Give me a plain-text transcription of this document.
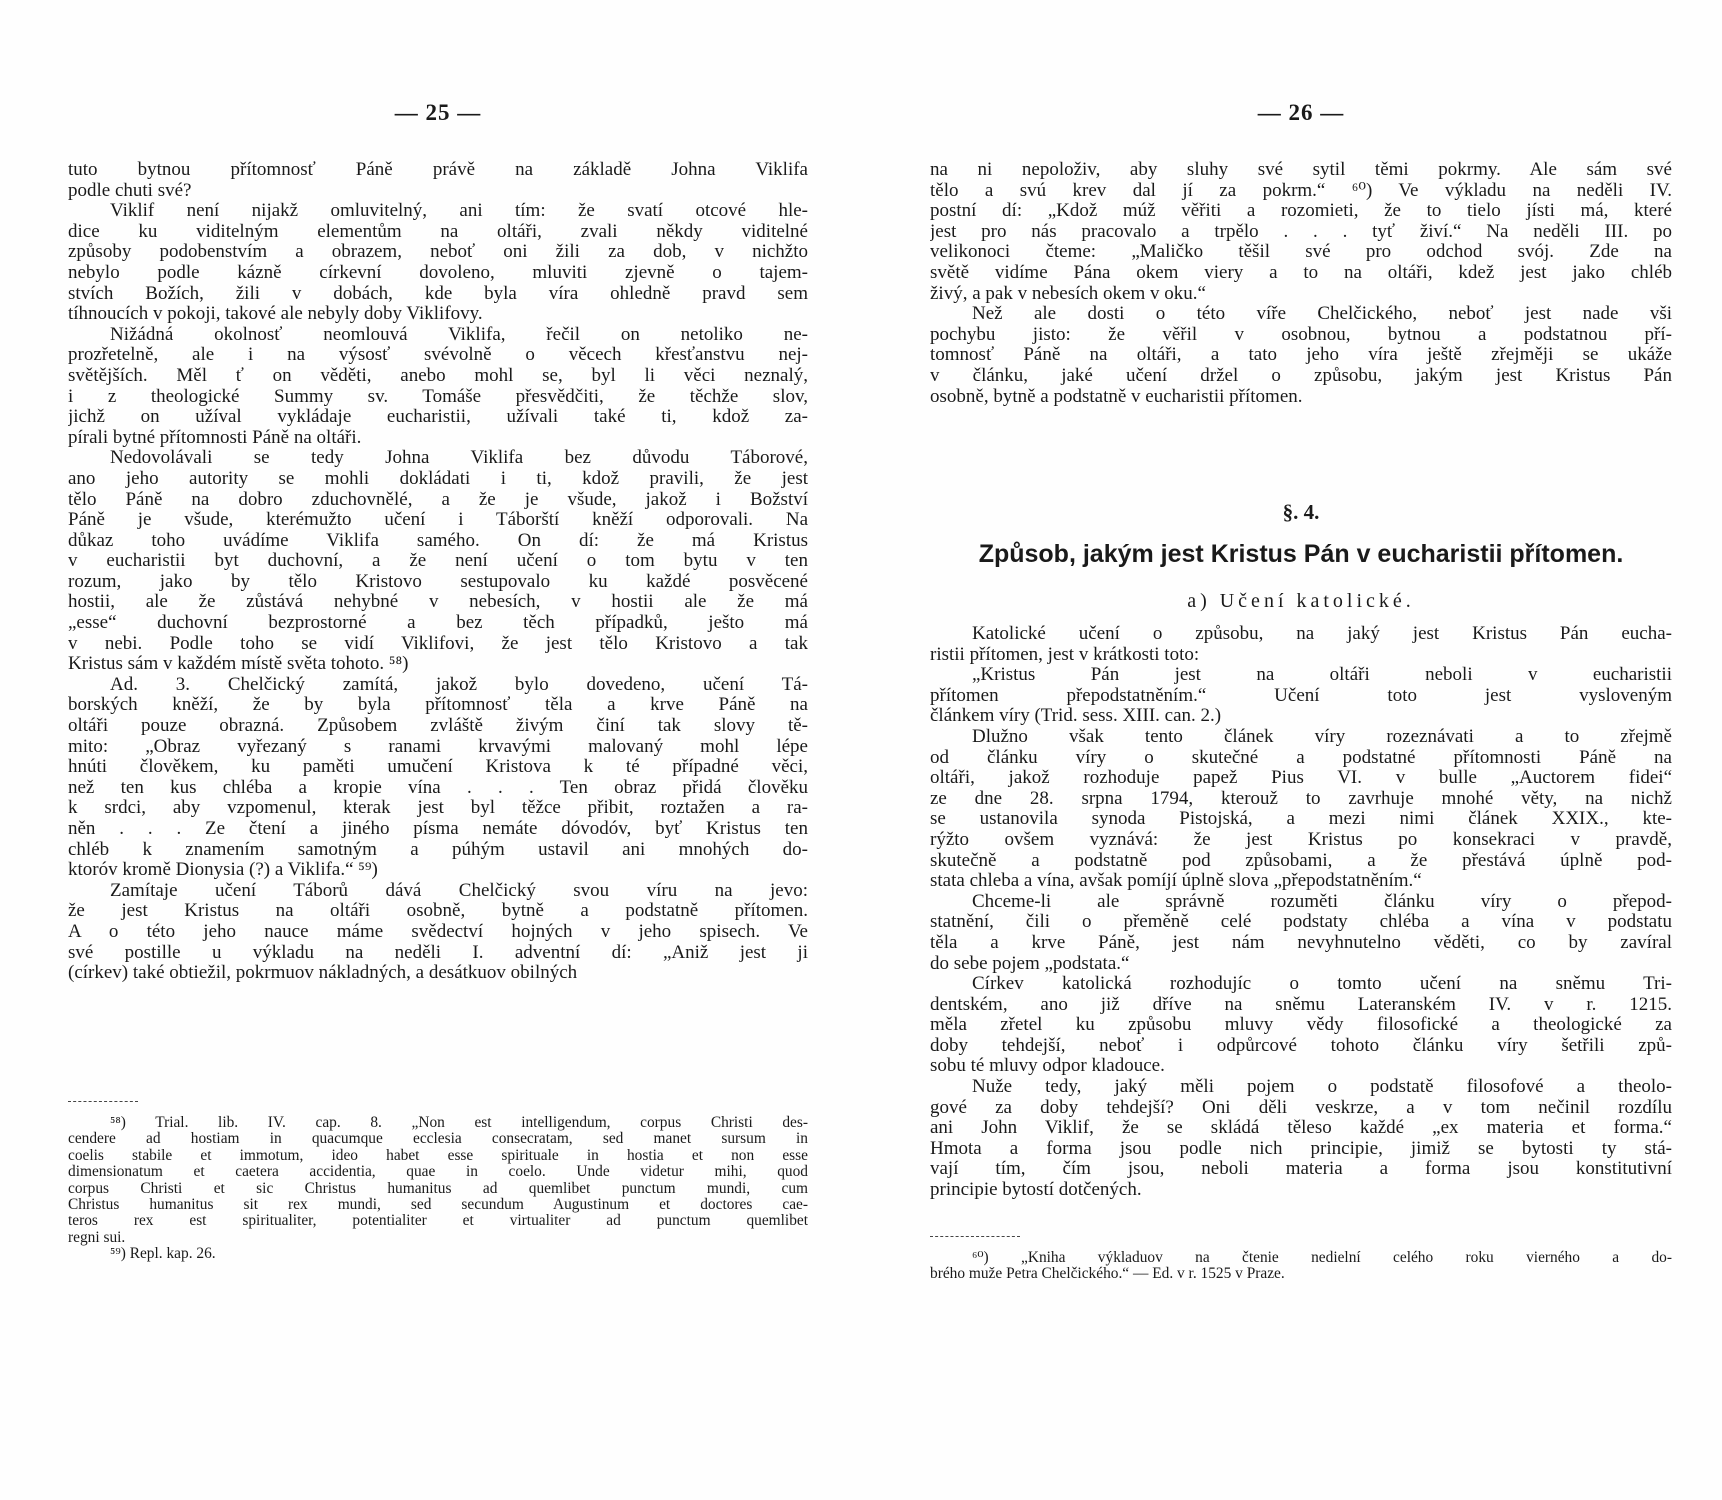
— 25 —
tuto bytnou přítomnosť Páně právě na základě Johna Viklifa
podle chuti své?
Viklif není nijakž omluvitelný, ani tím: že svatí otcové hle-
dice ku viditelným elementům na oltáři, zvali někdy viditelné
způsoby podobenstvím a obrazem, neboť oni žili za dob, v nichžto
nebylo podle kázně církevní dovoleno, mluviti zjevně o tajem-
stvích Božích, žili v dobách, kde byla víra ohledně pravd sem
tíhnoucích v pokoji, takové ale nebyly doby Viklifovy.
Nižádná okolnosť neomlouvá Viklifa, řečil on netoliko ne-
prozřetelně, ale i na výsosť svévolně o věcech křesťanstvu nej-
světějších. Měl ť on věděti, anebo mohl se, byl li věci neznalý,
i z theologické Summy sv. Tomáše přesvědčiti, že těchže slov,
jichž on užíval vykládaje eucharistii, užívali také ti, kdož za-
pírali bytné přítomnosti Páně na oltáři.
Nedovolávali se tedy Johna Viklifa bez důvodu Táborové,
ano jeho autority se mohli dokládati i ti, kdož pravili, že jest
tělo Páně na dobro zduchovnělé, a že je všude, jakož i Božství
Páně je všude, kterémužto učení i Táborští kněží odporovali. Na
důkaz toho uvádíme Viklifa samého. On dí: že má Kristus
v eucharistii byt duchovní, a že není učení o tom bytu v ten
rozum, jako by tělo Kristovo sestupovalo ku každé posvěcené
hostii, ale že zůstává nehybné v nebesích, v hostii ale že má
„esse“ duchovní bezprostorné a bez těch případků, ješto má
v nebi. Podle toho se vidí Viklifovi, že jest tělo Kristovo a tak
Kristus sám v každém místě světa tohoto. ⁵⁸)
Ad. 3. Chelčický zamítá, jakož bylo dovedeno, učení Tá-
borských kněží, že by byla přítomnosť těla a krve Páně na
oltáři pouze obrazná. Způsobem zvláště živým činí tak slovy tě-
mito: „Obraz vyřezaný s ranami krvavými malovaný mohl lépe
hnúti člověkem, ku paměti umučení Kristova k té případné věci,
než ten kus chléba a kropie vína . . . Ten obraz přidá člověku
k srdci, aby vzpomenul, kterak jest byl těžce přibit, roztažen a ra-
něn . . . Ze čtení a jiného písma nemáte dóvodóv, byť Kristus ten
chléb k znamením samotným a púhým ustavil ani mnohých do-
ktoróv kromě Dionysia (?) a Viklifa.“ ⁵⁹)
Zamítaje učení Táborů dává Chelčický svou víru na jevo:
že jest Kristus na oltáři osobně, bytně a podstatně přítomen.
A o této jeho nauce máme svědectví hojných v jeho spisech. Ve
své postille u výkladu na neděli I. adventní dí: „Aniž jest ji
(církev) také obtiežil, pokrmuov nákladných, a desátkuov obilných
⁵⁸) Trial. lib. IV. cap. 8. „Non est intelligendum, corpus Christi des-
cendere ad hostiam in quacumque ecclesia consecratam, sed manet sursum in
coelis stabile et immotum, ideo habet esse spirituale in hostia et non esse
dimensionatum et caetera accidentia, quae in coelo. Unde videtur mihi, quod
corpus Christi et sic Christus humanitus ad quemlibet punctum mundi, cum
Christus humanitus sit rex mundi, sed secundum Augustinum et doctores cae-
teros rex est spiritualiter, potentialiter et virtualiter ad punctum quemlibet
regni sui.
⁵⁹) Repl. kap. 26.
— 26 —
na ni nepoloživ, aby sluhy své sytil těmi pokrmy. Ale sám své
tělo a svú krev dal jí za pokrm.“ ⁶⁰) Ve výkladu na neděli IV.
postní dí: „Kdož múž věřiti a rozomieti, že to tielo jísti má, které
jest pro nás pracovalo a trpělo . . . tyť živí.“ Na neděli III. po
velikonoci čteme: „Maličko těšil své pro odchod svój. Zde na
světě vidíme Pána okem viery a to na oltáři, kdež jest jako chléb
živý, a pak v nebesích okem v oku.“
Než ale dosti o této víře Chelčického, neboť jest nade vši
pochybu jisto: že věřil v osobnou, bytnou a podstatnou pří-
tomnosť Páně na oltáři, a tato jeho víra ještě zřejměji se ukáže
v článku, jaké učení držel o způsobu, jakým jest Kristus Pán
osobně, bytně a podstatně v eucharistii přítomen.
§. 4.
Způsob, jakým jest Kristus Pán v eucharistii přítomen.
a) Učení katolické.
Katolické učení o způsobu, na jaký jest Kristus Pán eucha-
ristii přítomen, jest v krátkosti toto:
„Kristus Pán jest na oltáři neboli v eucharistii
přítomen přepodstatněním.“ Učení toto jest vysloveným
článkem víry (Trid. sess. XIII. can. 2.)
Dlužno však tento článek víry rozeznávati a to zřejmě
od článku víry o skutečné a podstatné přítomnosti Páně na
oltáři, jakož rozhoduje papež Pius VI. v bulle „Auctorem fidei“
ze dne 28. srpna 1794, kterouž to zavrhuje mnohé věty, na nichž
se ustanovila synoda Pistojská, a mezi nimi článek XXIX., kte-
rýžto ovšem vyznává: že jest Kristus po konsekraci v pravdě,
skutečně a podstatně pod způsobami, a že přestává úplně pod-
stata chleba a vína, avšak pomíjí úplně slova „přepodstatněním.“
Chceme-li ale správně rozuměti článku víry o přepod-
statnění, čili o přeměně celé podstaty chléba a vína v podstatu
těla a krve Páně, jest nám nevyhnutelno věděti, co by zavíral
do sebe pojem „podstata.“
Církev katolická rozhodujíc o tomto učení na sněmu Tri-
dentském, ano již dříve na sněmu Lateranském IV. v r. 1215.
měla zřetel ku způsobu mluvy vědy filosofické a theologické za
doby tehdejší, neboť i odpůrcové tohoto článku víry šetřili způ-
sobu té mluvy odpor kladouce.
Nuže tedy, jaký měli pojem o podstatě filosofové a theolo-
gové za doby tehdejší? Oni děli veskrze, a v tom nečinil rozdílu
ani John Viklif, že se skládá těleso každé „ex materia et forma.“
Hmota a forma jsou podle nich principie, jimiž se bytosti ty stá-
vají tím, čím jsou, neboli materia a forma jsou konstitutivní
principie bytostí dotčených.
⁶⁰) „Kniha výkladuov na čtenie nedielní celého roku vierného a do-
brého muže Petra Chelčického.“ — Ed. v r. 1525 v Praze.
